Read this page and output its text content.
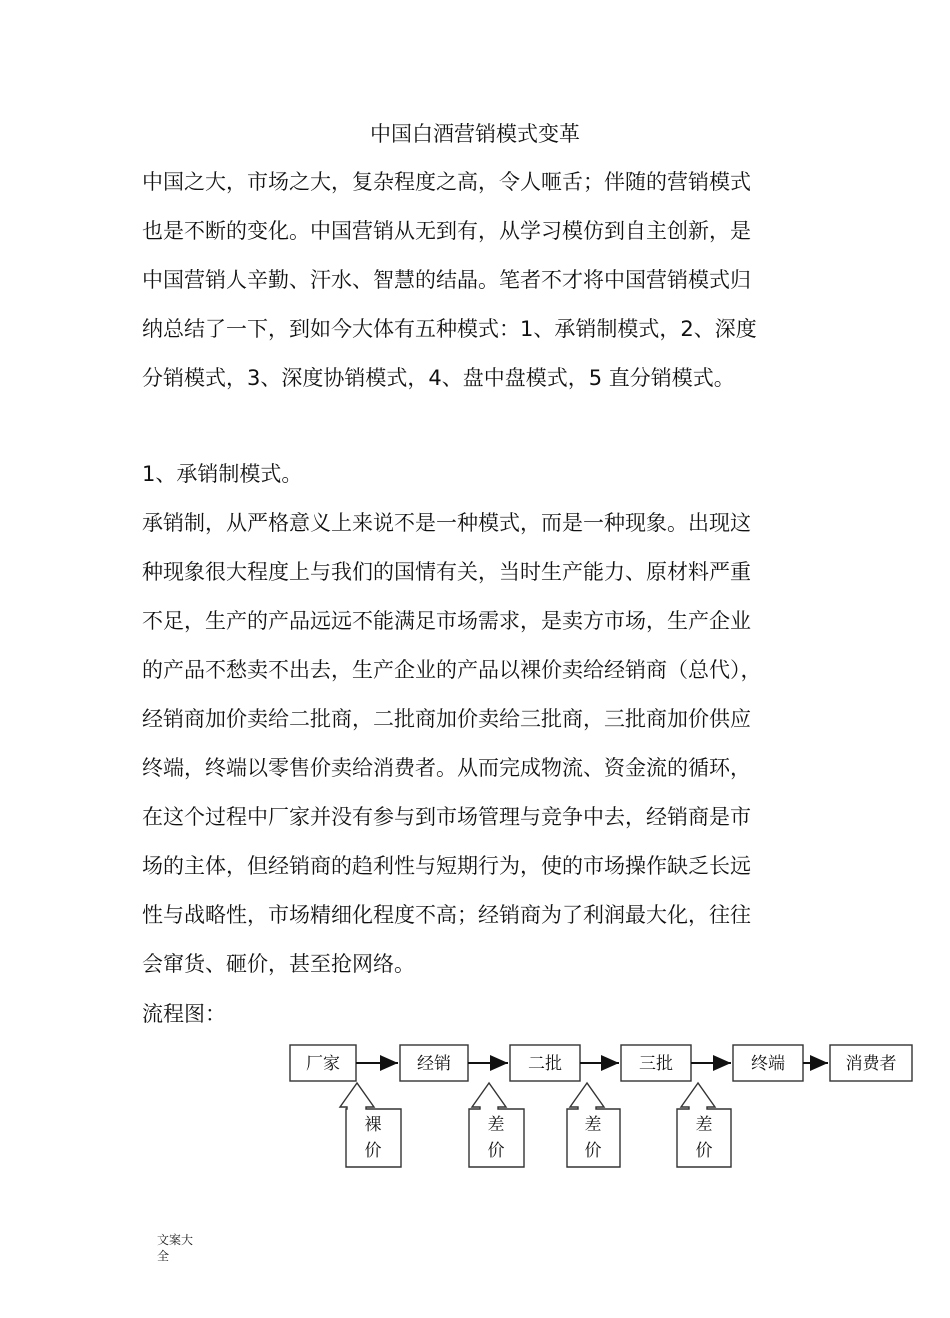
中国白酒营销模式变革
中国之大，市场之大，复杂程度之高，令人咂舌；伴随的营销模式
也是不断的变化。中国营销从无到有，从学习模仿到自主创新，是
中国营销人辛勤、汗水、智慧的结晶。笔者不才将中国营销模式归
纳总结了一下，到如今大体有五种模式：1、承销制模式，2、深度
分销模式，3、深度协销模式，4、盘中盘模式，5 直分销模式。
1、承销制模式。
承销制，从严格意义上来说不是一种模式，而是一种现象。出现这
种现象很大程度上与我们的国情有关，当时生产能力、原材料严重
不足，生产的产品远远不能满足市场需求，是卖方市场，生产企业
的产品不愁卖不出去，生产企业的产品以裸价卖给经销商（总代），
经销商加价卖给二批商，二批商加价卖给三批商，三批商加价供应
终端，终端以零售价卖给消费者。从而完成物流、资金流的循环，
在这个过程中厂家并没有参与到市场管理与竞争中去，经销商是市
场的主体，但经销商的趋利性与短期行为，使的市场操作缺乏长远
性与战略性，市场精细化程度不高；经销商为了利润最大化，往往
会窜货、砸价，甚至抢网络。
流程图：
厂家	经销	二批	三批	终端	消费者
裸
价
差
价
差
价
差
价
文案大
全
